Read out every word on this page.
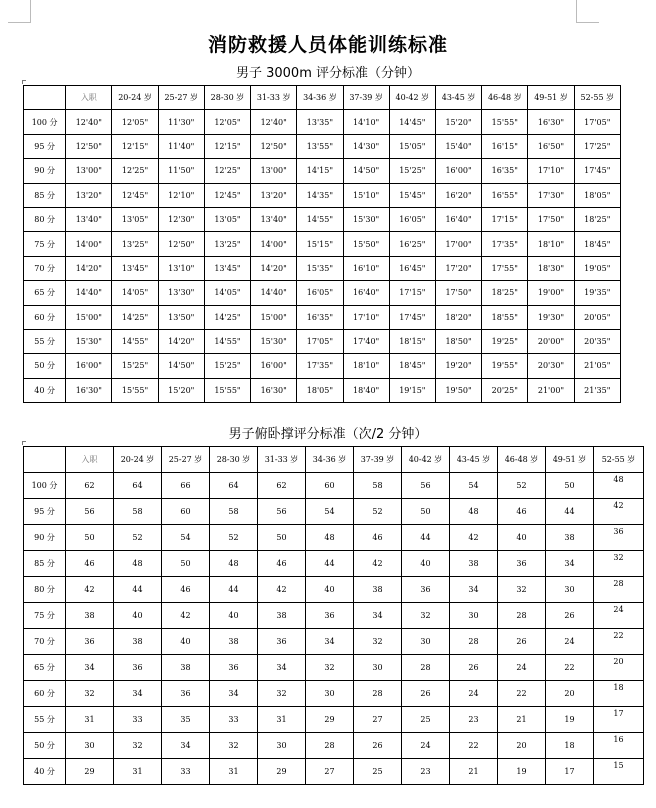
消防救援人员体能训练标准
男子 3000m 评分标准（分钟）
	入职	20-24 岁	25-27 岁	28-30 岁	31-33 岁	34-36 岁	37-39 岁	40-42 岁	43-45 岁	46-48 岁	49-51 岁	52-55 岁
100 分	12'40"	12'05"	11'30"	12'05"	12'40"	13'35"	14'10"	14'45"	15'20"	15'55"	16'30"	17'05"
95 分	12'50"	12'15"	11'40"	12'15"	12'50"	13'55"	14'30"	15'05"	15'40"	16'15"	16'50"	17'25"
90 分	13'00"	12'25"	11'50"	12'25"	13'00"	14'15"	14'50"	15'25"	16'00"	16'35"	17'10"	17'45"
85 分	13'20"	12'45"	12'10"	12'45"	13'20"	14'35"	15'10"	15'45"	16'20"	16'55"	17'30"	18'05"
80 分	13'40"	13'05"	12'30"	13'05"	13'40"	14'55"	15'30"	16'05"	16'40"	17'15"	17'50"	18'25"
75 分	14'00"	13'25"	12'50"	13'25"	14'00"	15'15"	15'50"	16'25"	17'00"	17'35"	18'10"	18'45"
70 分	14'20"	13'45"	13'10"	13'45"	14'20"	15'35"	16'10"	16'45"	17'20"	17'55"	18'30"	19'05"
65 分	14'40"	14'05"	13'30"	14'05"	14'40"	16'05"	16'40"	17'15"	17'50"	18'25"	19'00"	19'35"
60 分	15'00"	14'25"	13'50"	14'25"	15'00"	16'35"	17'10"	17'45"	18'20"	18'55"	19'30"	20'05"
55 分	15'30"	14'55"	14'20"	14'55"	15'30"	17'05"	17'40"	18'15"	18'50"	19'25"	20'00"	20'35"
50 分	16'00"	15'25"	14'50"	15'25"	16'00"	17'35"	18'10"	18'45"	19'20"	19'55"	20'30"	21'05"
40 分	16'30"	15'55"	15'20"	15'55"	16'30"	18'05"	18'40"	19'15"	19'50"	20'25"	21'00"	21'35"
男子俯卧撑评分标准（次/2 分钟）
	入职	20-24 岁	25-27 岁	28-30 岁	31-33 岁	34-36 岁	37-39 岁	40-42 岁	43-45 岁	46-48 岁	49-51 岁	52-55 岁
100 分	62	64	66	64	62	60	58	56	54	52	50	48
95 分	56	58	60	58	56	54	52	50	48	46	44	42
90 分	50	52	54	52	50	48	46	44	42	40	38	36
85 分	46	48	50	48	46	44	42	40	38	36	34	32
80 分	42	44	46	44	42	40	38	36	34	32	30	28
75 分	38	40	42	40	38	36	34	32	30	28	26	24
70 分	36	38	40	38	36	34	32	30	28	26	24	22
65 分	34	36	38	36	34	32	30	28	26	24	22	20
60 分	32	34	36	34	32	30	28	26	24	22	20	18
55 分	31	33	35	33	31	29	27	25	23	21	19	17
50 分	30	32	34	32	30	28	26	24	22	20	18	16
40 分	29	31	33	31	29	27	25	23	21	19	17	15
